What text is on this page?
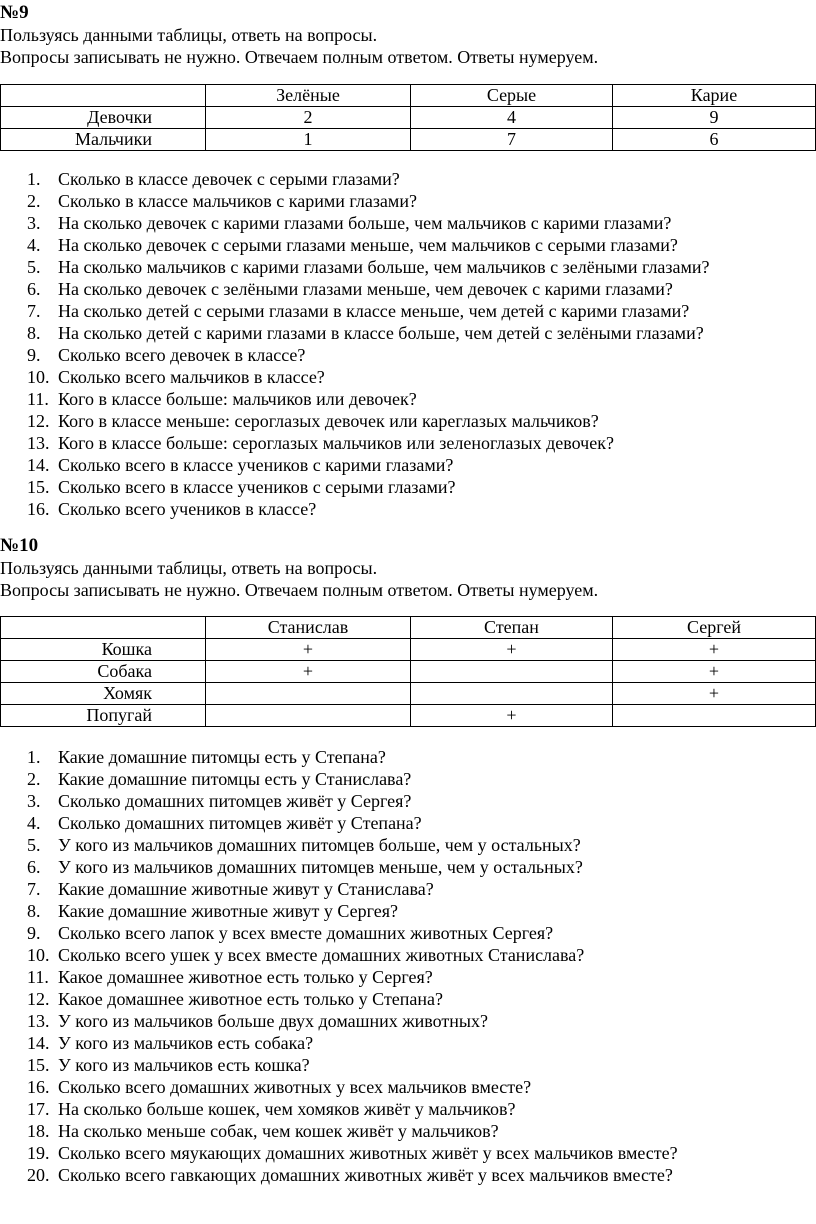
№9
Пользуясь данными таблицы, ответь на вопросы.
Вопросы записывать не нужно. Отвечаем полным ответом. Ответы нумеруем.
	Зелёные	Серые	Карие
Девочки	2	4	9
Мальчики	1	7	6
1. Сколько в классе девочек с серыми глазами?
2. Сколько в классе мальчиков с карими глазами?
3. На сколько девочек с карими глазами больше, чем мальчиков с карими глазами?
4. На сколько девочек с серыми глазами меньше, чем мальчиков с серыми глазами?
5. На сколько мальчиков с карими глазами больше, чем мальчиков с зелёными глазами?
6. На сколько девочек с зелёными глазами меньше, чем девочек с карими глазами?
7. На сколько детей с серыми глазами в классе меньше, чем детей с карими глазами?
8. На сколько детей с карими глазами в классе больше, чем детей с зелёными глазами?
9. Сколько всего девочек в классе?
10. Сколько всего мальчиков в классе?
11. Кого в классе больше: мальчиков или девочек?
12. Кого в классе меньше: сероглазых девочек или кареглазых мальчиков?
13. Кого в классе больше: сероглазых мальчиков или зеленоглазых девочек?
14. Сколько всего в классе учеников с карими глазами?
15. Сколько всего в классе учеников с серыми глазами?
16. Сколько всего учеников в классе?
№10
Пользуясь данными таблицы, ответь на вопросы.
Вопросы записывать не нужно. Отвечаем полным ответом. Ответы нумеруем.
	Станислав	Степан	Сергей
Кошка	+	+	+
Собака	+		+
Хомяк			+
Попугай		+	
1. Какие домашние питомцы есть у Степана?
2. Какие домашние питомцы есть у Станислава?
3. Сколько домашних питомцев живёт у Сергея?
4. Сколько домашних питомцев живёт у Степана?
5. У кого из мальчиков домашних питомцев больше, чем у остальных?
6. У кого из мальчиков домашних питомцев меньше, чем у остальных?
7. Какие домашние животные живут у Станислава?
8. Какие домашние животные живут у Сергея?
9. Сколько всего лапок у всех вместе домашних животных Сергея?
10. Сколько всего ушек у всех вместе домашних животных Станислава?
11. Какое домашнее животное есть только у Сергея?
12. Какое домашнее животное есть только у Степана?
13. У кого из мальчиков больше двух домашних животных?
14. У кого из мальчиков есть собака?
15. У кого из мальчиков есть кошка?
16. Сколько всего домашних животных у всех мальчиков вместе?
17. На сколько больше кошек, чем хомяков живёт у мальчиков?
18. На сколько меньше собак, чем кошек живёт у мальчиков?
19. Сколько всего мяукающих домашних животных живёт у всех мальчиков вместе?
20. Сколько всего гавкающих домашних животных живёт у всех мальчиков вместе?
